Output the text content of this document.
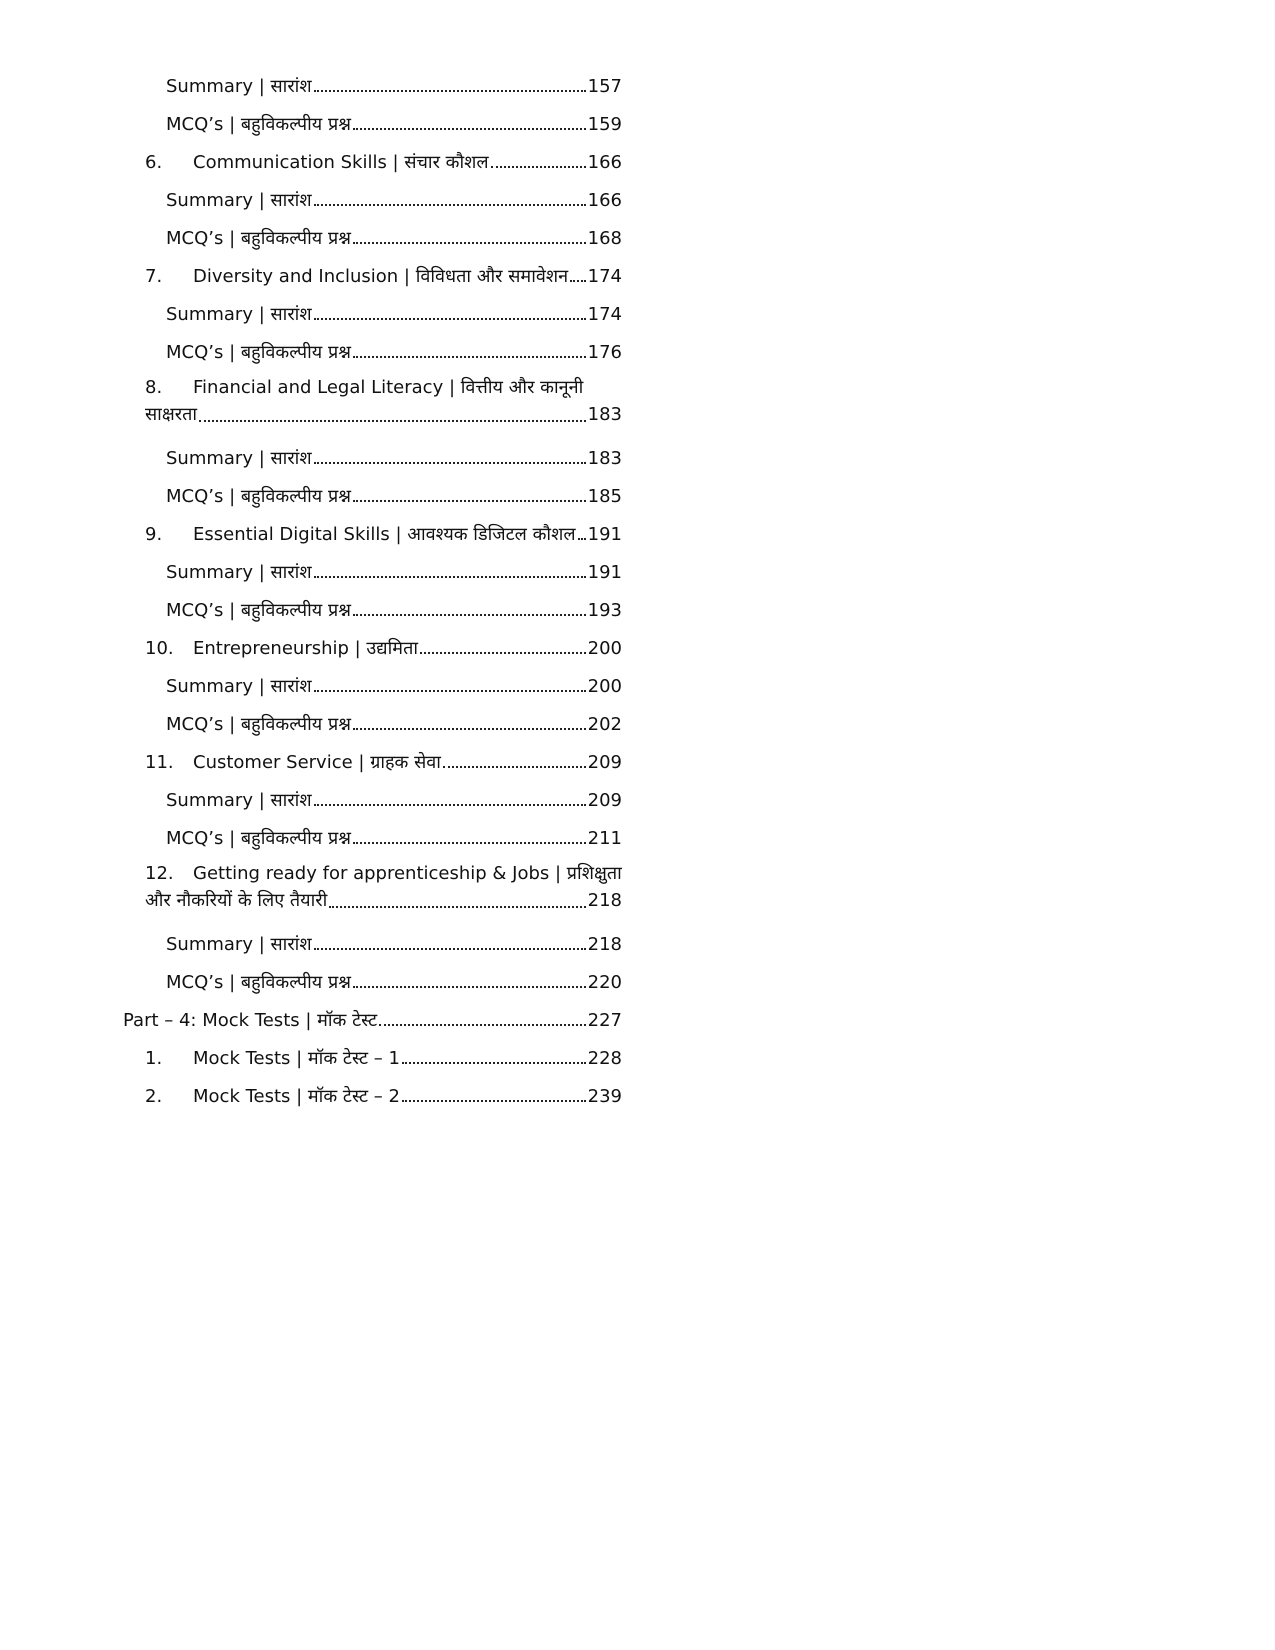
Summary | सारांश	157
MCQ’s | बहुविकल्पीय प्रश्न	159
6.	Communication Skills | संचार कौशल	166
Summary | सारांश	166
MCQ’s | बहुविकल्पीय प्रश्न	168
7.	Diversity and Inclusion | विविधता और समावेशन 174
Summary | सारांश	174
MCQ’s | बहुविकल्पीय प्रश्न	176
8. Financial and Legal Literacy | वित्तीय और कानूनी
साक्षरता	183
Summary | सारांश	183
MCQ’s | बहुविकल्पीय प्रश्न	185
9.	Essential Digital Skills | आवश्यक डिजिटल कौशल 191
Summary | सारांश	191
MCQ’s | बहुविकल्पीय प्रश्न	193
10.	Entrepreneurship | उद्यमिता	200
Summary | सारांश	200
MCQ’s | बहुविकल्पीय प्रश्न	202
11.	Customer Service | ग्राहक सेवा	209
Summary | सारांश	209
MCQ’s | बहुविकल्पीय प्रश्न	211
12. Getting ready for apprenticeship & Jobs | प्रशिक्षुता
और नौकरियों के लिए तैयारी	218
Summary | सारांश	218
MCQ’s | बहुविकल्पीय प्रश्न	220
Part – 4: Mock Tests | मॉक टेस्ट	227
1.	Mock Tests | मॉक टेस्ट – 1	228
2.	Mock Tests | मॉक टेस्ट – 2	239
